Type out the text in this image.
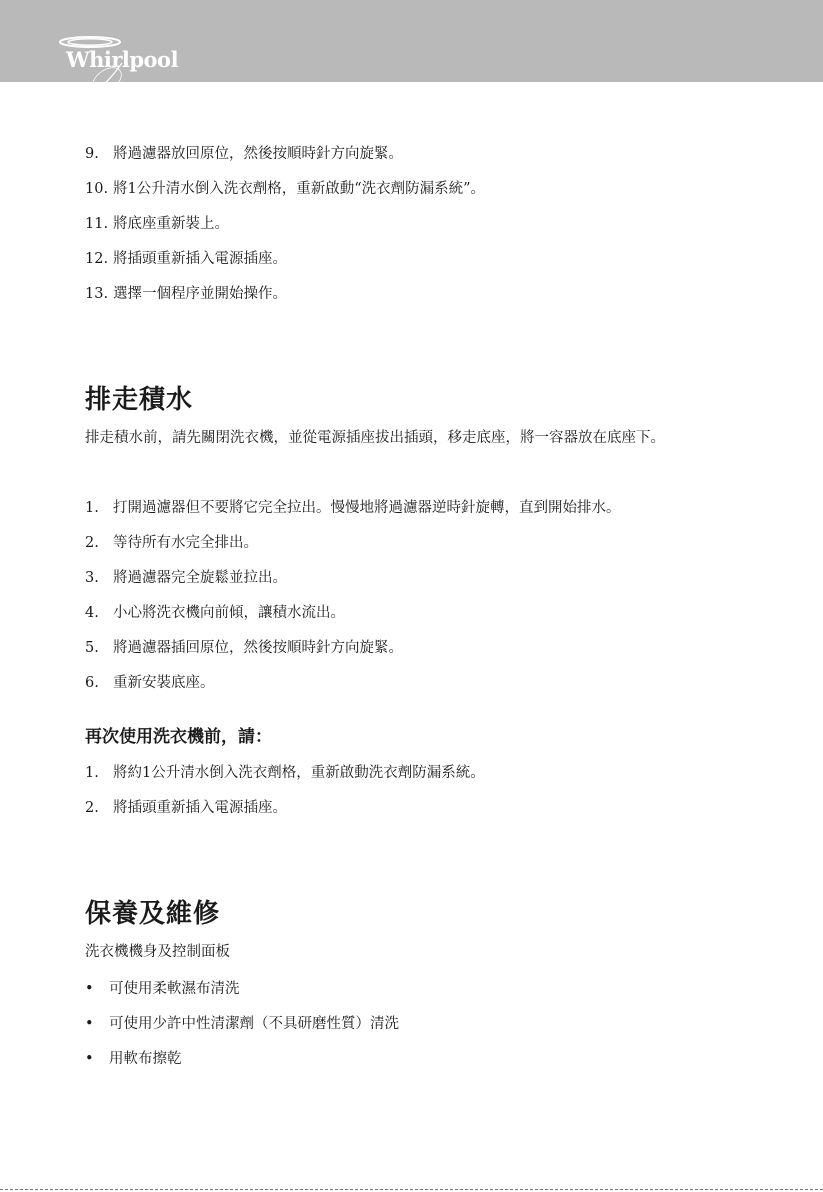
Whirlpool
9. 將過濾器放回原位，然後按順時針方向旋緊。
10. 將1公升清水倒入洗衣劑格，重新啟動“洗衣劑防漏系統”。
11. 將底座重新裝上。
12. 將插頭重新插入電源插座。
13. 選擇一個程序並開始操作。
排走積水

排走積水前，請先關閉洗衣機，並從電源插座拔出插頭，移走底座，將一容器放在底座下。

1. 打開過濾器但不要將它完全拉出。慢慢地將過濾器逆時針旋轉，直到開始排水。
2. 等待所有水完全排出。
3. 將過濾器完全旋鬆並拉出。
4. 小心將洗衣機向前傾，讓積水流出。
5. 將過濾器插回原位，然後按順時針方向旋緊。
6. 重新安裝底座。
再次使用洗衣機前，請：
1. 將約1公升清水倒入洗衣劑格，重新啟動洗衣劑防漏系統。
2. 將插頭重新插入電源插座。
保養及維修

洗衣機機身及控制面板

• 可使用柔軟濕布清洗
• 可使用少許中性清潔劑（不具研磨性質）清洗
• 用軟布擦乾
